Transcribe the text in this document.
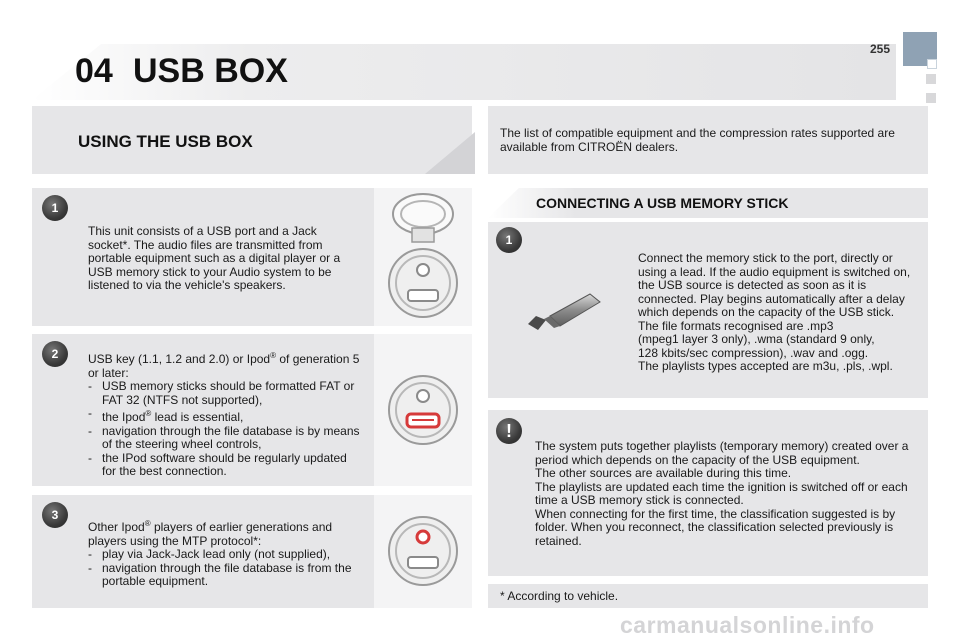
04 USB BOX
255
USING THE USB BOX
1
This unit consists of a USB port and a Jack socket*. The audio files are transmitted from portable equipment such as a digital player or a USB memory stick to your Audio system to be listened to via the vehicle's speakers.
2	USB key (1.1, 1.2 and 2.0) or Ipod® of generation 5 or later:
- USB memory sticks should be formatted FAT or FAT 32 (NTFS not supported),
- the Ipod® lead is essential,
- navigation through the file database is by means of the steering wheel controls,
- the IPod software should be regularly updated for the best connection.
3
Other Ipod® players of earlier generations and players using the MTP protocol*:
- play via Jack-Jack lead only (not supplied),
- navigation through the file database is from the portable equipment.
The list of compatible equipment and the compression rates supported are available from CITROËN dealers.
CONNECTING A USB MEMORY STICK
1
Connect the memory stick to the port, directly or using a lead. If the audio equipment is switched on, the USB source is detected as soon as it is connected. Play begins automatically after a delay which depends on the capacity of the USB stick.
The file formats recognised are .mp3
(mpeg1 layer 3 only), .wma (standard 9 only,
128 kbits/sec compression), .wav and .ogg.
The playlists types accepted are m3u, .pls, .wpl.
!
The system puts together playlists (temporary memory) created over a period which depends on the capacity of the USB equipment.
The other sources are available during this time.
The playlists are updated each time the ignition is switched off or each time a USB memory stick is connected.
When connecting for the first time, the classification suggested is by folder. When you reconnect, the classification selected previously is retained.
* According to vehicle.
carmanualsonline.info
